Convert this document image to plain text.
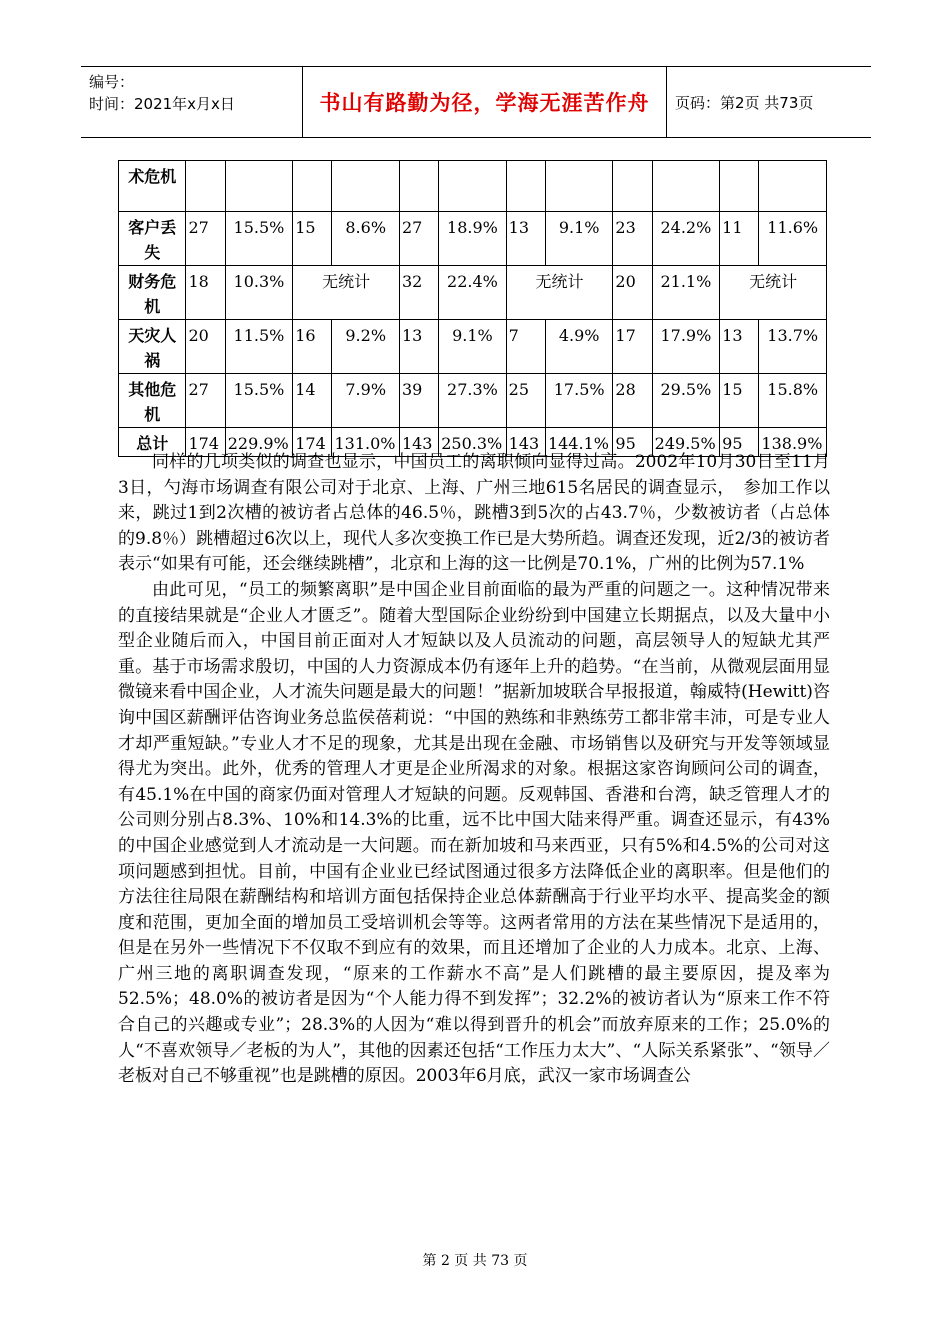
编号：
时间：2021年x月x日	书山有路勤为径，学海无涯苦作舟	页码：第2页 共73页
术危机												
客户丢失	27	15.5%	15	8.6%	27	18.9%	13	9.1%	23	24.2%	11	11.6%
财务危机	18	10.3%	无统计		32	22.4%	无统计		20	21.1%	无统计	
天灾人祸	20	11.5%	16	9.2%	13	9.1%	7	4.9%	17	17.9%	13	13.7%
其他危机	27	15.5%	14	7.9%	39	27.3%	25	17.5%	28	29.5%	15	15.8%
总计	174	229.9%	174	131.0%	143	250.3%	143	144.1%	95	249.5%	95	138.9%

同样的几项类似的调查也显示，中国员工的离职倾向显得过高。2002年10月30日至11月3日，勺海市场调查有限公司对于北京、上海、广州三地615名居民的调查显示，　参加工作以来，跳过1到2次槽的被访者占总体的46.5％，跳槽3到5次的占43.7％，少数被访者（占总体的9.8％）跳槽超过6次以上，现代人多次变换工作已是大势所趋。调查还发现，近2/3的被访者表示“如果有可能，还会继续跳槽”，北京和上海的这一比例是70.1%，广州的比例为57.1%

由此可见，“员工的频繁离职”是中国企业目前面临的最为严重的问题之一。这种情况带来的直接结果就是“企业人才匮乏”。随着大型国际企业纷纷到中国建立长期据点，以及大量中小型企业随后而入，中国目前正面对人才短缺以及人员流动的问题，高层领导人的短缺尤其严重。基于市场需求殷切，中国的人力资源成本仍有逐年上升的趋势。“在当前，从微观层面用显微镜来看中国企业，人才流失问题是最大的问题！”据新加坡联合早报报道，翰威特(Hewitt)咨询中国区薪酬评估咨询业务总监侯蓓莉说：“中国的熟练和非熟练劳工都非常丰沛，可是专业人才却严重短缺。”专业人才不足的现象，尤其是出现在金融、市场销售以及研究与开发等领域显得尤为突出。此外，优秀的管理人才更是企业所渴求的对象。根据这家咨询顾问公司的调查，有45.1%在中国的商家仍面对管理人才短缺的问题。反观韩国、香港和台湾，缺乏管理人才的公司则分别占8.3%、10%和14.3%的比重，远不比中国大陆来得严重。调查还显示，有43%的中国企业感觉到人才流动是一大问题。而在新加坡和马来西亚，只有5%和4.5%的公司对这项问题感到担忧。目前，中国有企业业已经试图通过很多方法降低企业的离职率。但是他们的方法往往局限在薪酬结构和培训方面包括保持企业总体薪酬高于行业平均水平、提高奖金的额度和范围，更加全面的增加员工受培训机会等等。这两者常用的方法在某些情况下是适用的，但是在另外一些情况下不仅取不到应有的效果，而且还增加了企业的人力成本。北京、上海、广州三地的离职调查发现，“原来的工作薪水不高”是人们跳槽的最主要原因，提及率为52.5%；48.0%的被访者是因为“个人能力得不到发挥”；32.2%的被访者认为“原来工作不符合自己的兴趣或专业”；28.3%的人因为“难以得到晋升的机会”而放弃原来的工作；25.0%的人“不喜欢领导／老板的为人”，其他的因素还包括“工作压力太大”、“人际关系紧张”、“领导／老板对自己不够重视”也是跳槽的原因。2003年6月底，武汉一家市场调查公

第 2 页 共 73 页
